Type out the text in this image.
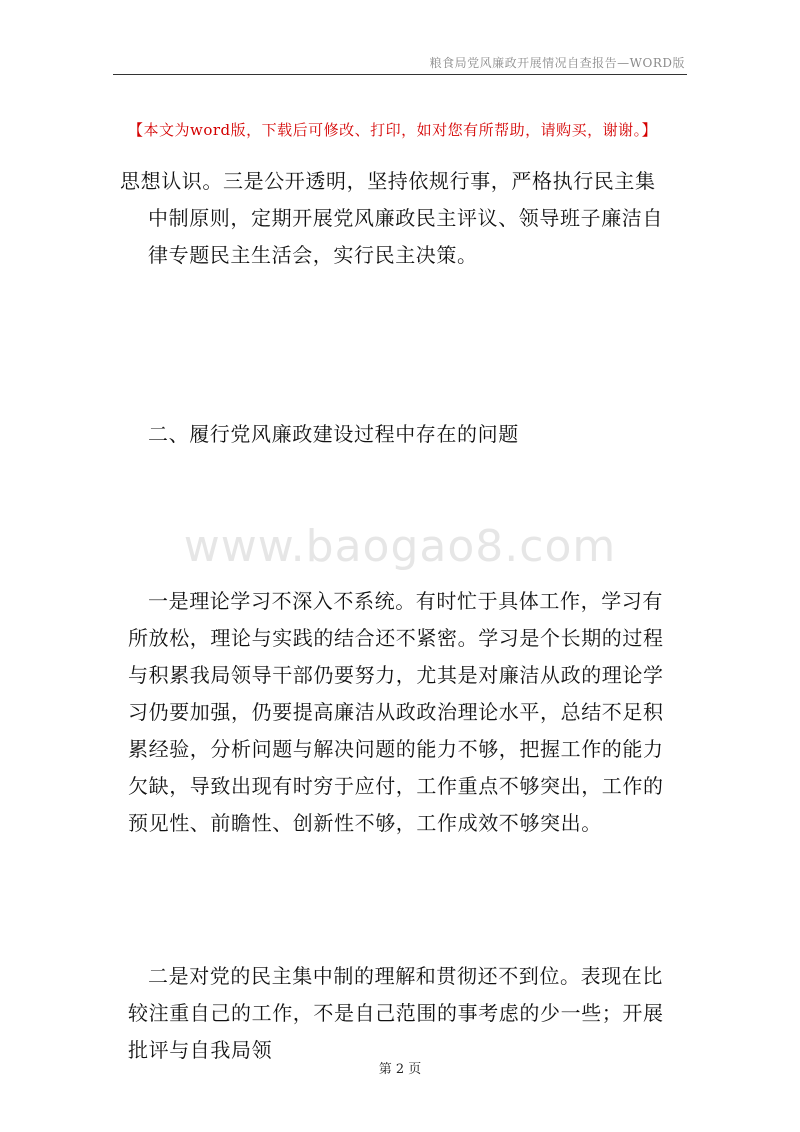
粮食局党风廉政开展情况自查报告—WORD版
【本文为word版，下载后可修改、打印，如对您有所帮助，请购买，谢谢。】
思想认识。三是公开透明，坚持依规行事，严格执行民主集中制原则，定期开展党风廉政民主评议、领导班子廉洁自律专题民主生活会，实行民主决策。
二、履行党风廉政建设过程中存在的问题
www.baogao8.com
一是理论学习不深入不系统。有时忙于具体工作，学习有所放松，理论与实践的结合还不紧密。学习是个长期的过程与积累我局领导干部仍要努力，尤其是对廉洁从政的理论学习仍要加强，仍要提高廉洁从政政治理论水平，总结不足积累经验，分析问题与解决问题的能力不够，把握工作的能力欠缺，导致出现有时穷于应付，工作重点不够突出，工作的预见性、前瞻性、创新性不够，工作成效不够突出。
二是对党的民主集中制的理解和贯彻还不到位。表现在比较注重自己的工作，不是自己范围的事考虑的少一些；开展批评与自我局领
第 2 页
